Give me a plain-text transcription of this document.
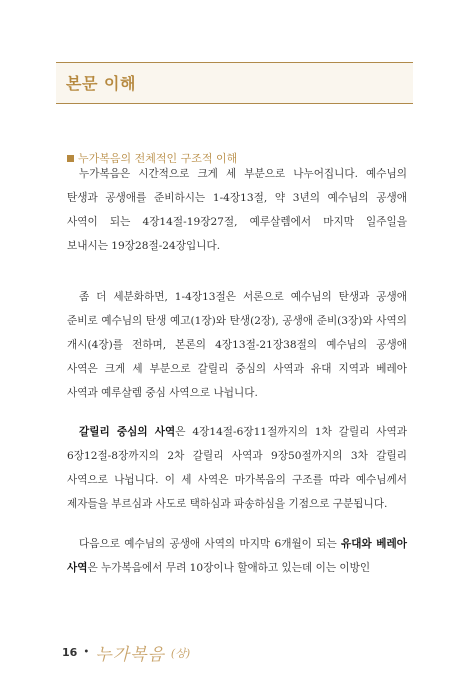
본문 이해
누가복음의 전체적인 구조적 이해

누가복음은 시간적으로 크게 세 부분으로 나누어집니다. 예수님의 탄생과 공생애를 준비하시는 1-4장13절, 약 3년의 예수님의 공생애 사역이 되는 4장14절-19장27절, 예루살렘에서 마지막 일주일을 보내시는 19장28절-24장입니다.

좀 더 세분화하면, 1-4장13절은 서론으로 예수님의 탄생과 공생애 준비로 예수님의 탄생 예고(1장)와 탄생(2장), 공생애 준비(3장)와 사역의 개시(4장)를 전하며, 본론의 4장13절-21장38절의 예수님의 공생애 사역은 크게 세 부분으로 갈릴리 중심의 사역과 유대 지역과 베레아 사역과 예루살렘 중심 사역으로 나뉩니다.

갈릴리 중심의 사역은 4장14절-6장11절까지의 1차 갈릴리 사역과 6장12절-8장까지의 2차 갈릴리 사역과 9장50절까지의 3차 갈릴리 사역으로 나뉩니다. 이 세 사역은 마가복음의 구조를 따라 예수님께서 제자들을 부르심과 사도로 택하심과 파송하심을 기점으로 구분됩니다.

다음으로 예수님의 공생애 사역의 마지막 6개월이 되는 유대와 베레아 사역은 누가복음에서 무려 10장이나 할애하고 있는데 이는 이방인

16 • 누가복음 (상)
